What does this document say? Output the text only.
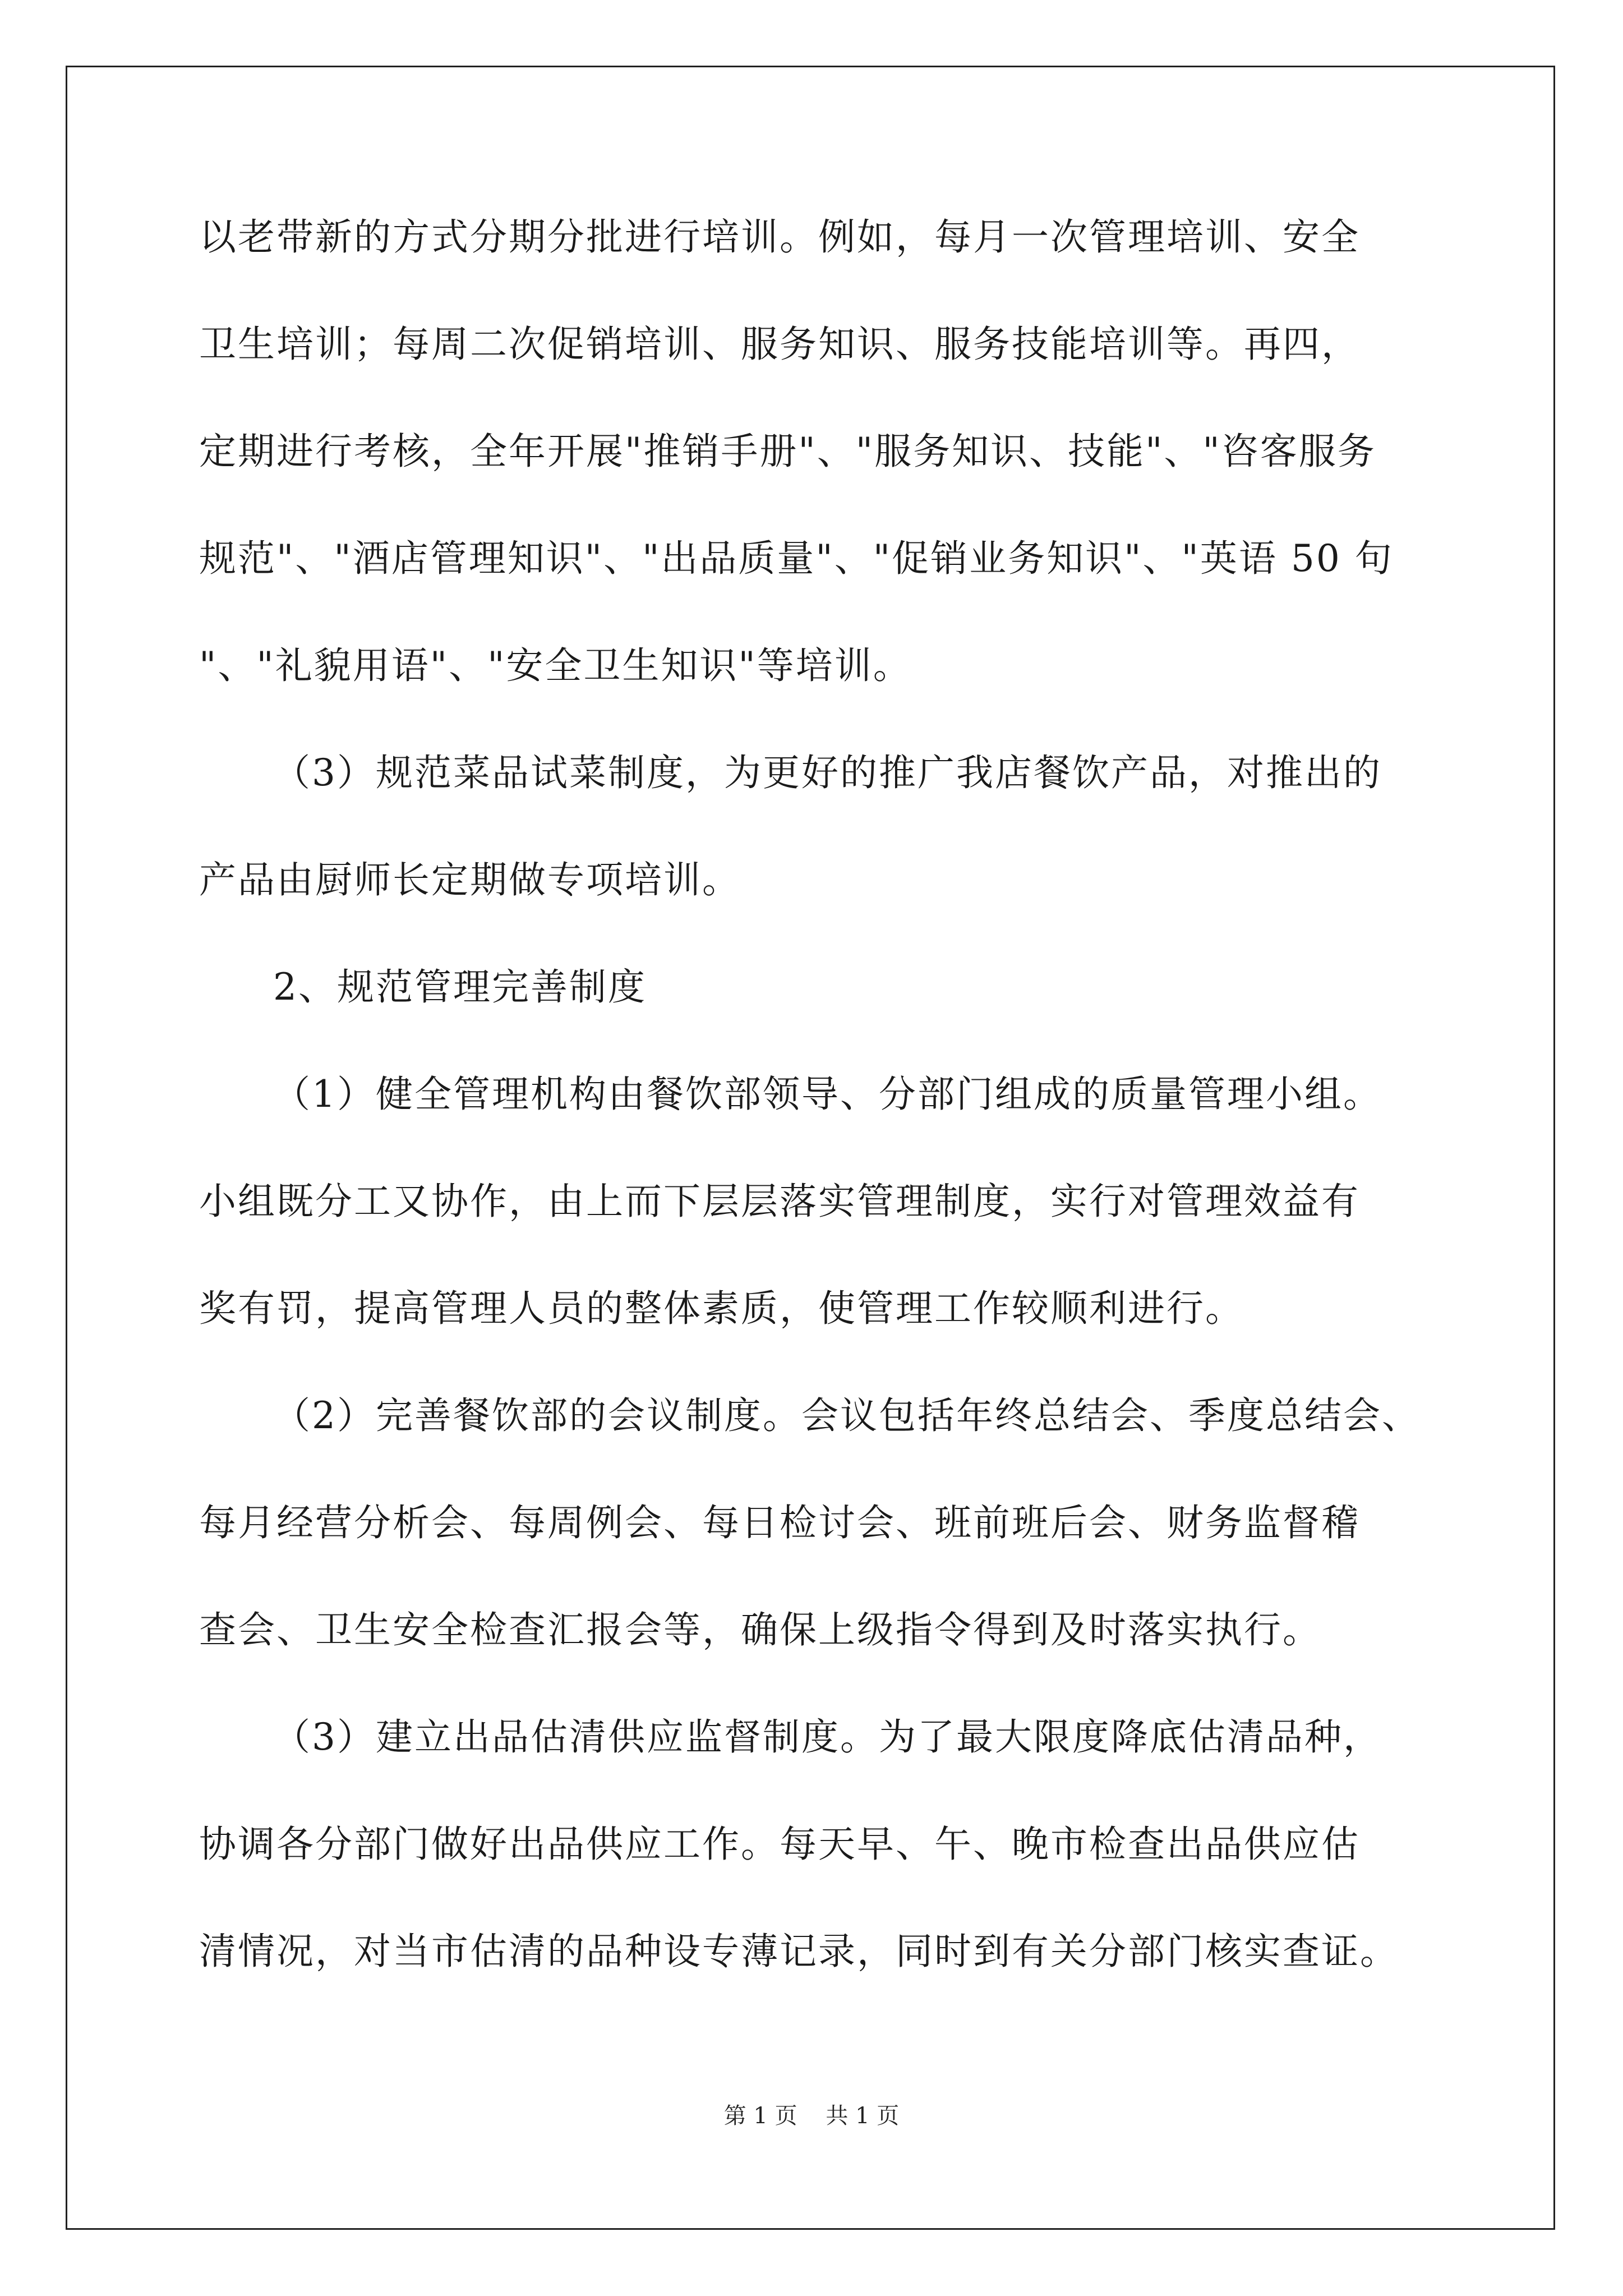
以老带新的方式分期分批进行培训。例如，每月一次管理培训、安全
卫生培训；每周二次促销培训、服务知识、服务技能培训等。再四，
定期进行考核，全年开展"推销手册"、"服务知识、技能"、"咨客服务
规范"、"酒店管理知识"、"出品质量"、"促销业务知识"、"英语 50 句
"、"礼貌用语"、"安全卫生知识"等培训。
（3）规范菜品试菜制度，为更好的推广我店餐饮产品，对推出的
产品由厨师长定期做专项培训。
2、规范管理完善制度
（1）健全管理机构由餐饮部领导、分部门组成的质量管理小组。
小组既分工又协作，由上而下层层落实管理制度，实行对管理效益有
奖有罚，提高管理人员的整体素质，使管理工作较顺利进行。
（2）完善餐饮部的会议制度。会议包括年终总结会、季度总结会、
每月经营分析会、每周例会、每日检讨会、班前班后会、财务监督稽
查会、卫生安全检查汇报会等，确保上级指令得到及时落实执行。
（3）建立出品估清供应监督制度。为了最大限度降底估清品种，
协调各分部门做好出品供应工作。每天早、午、晚市检查出品供应估
清情况，对当市估清的品种设专薄记录，同时到有关分部门核实查证。
第 1 页    共 1 页
